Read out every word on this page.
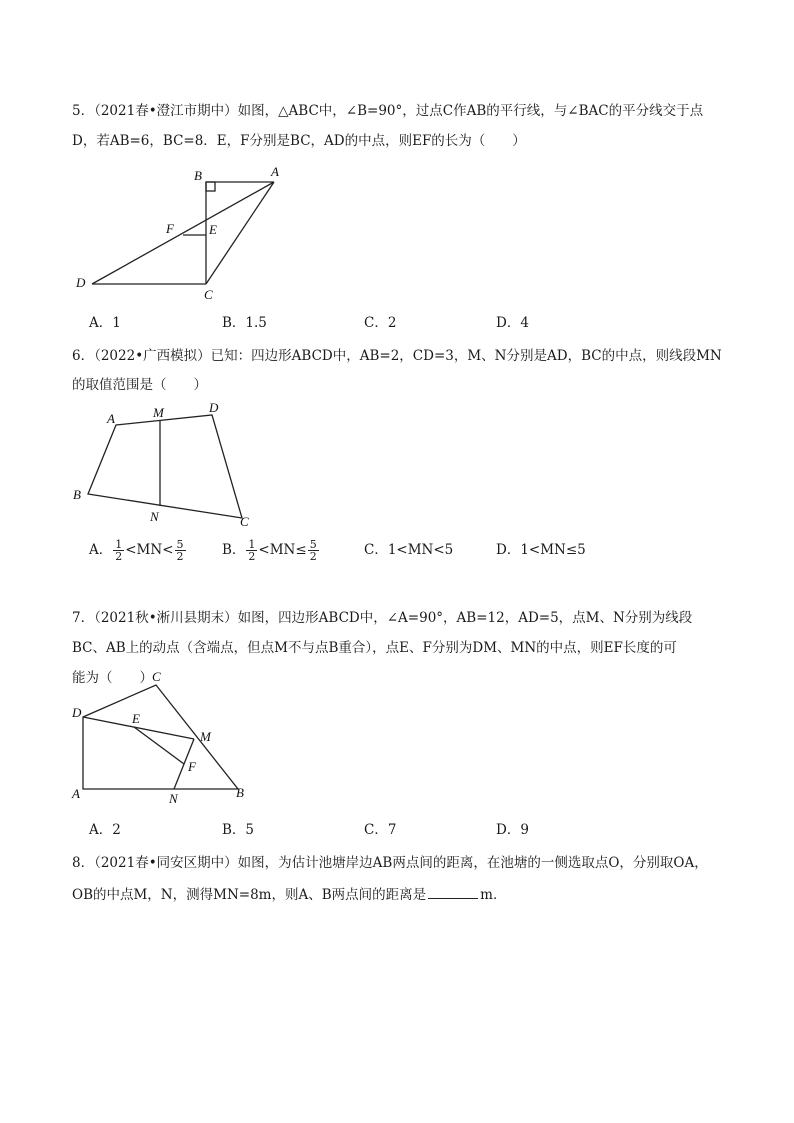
5．（2021春•澄江市期中）如图，△ABC中，∠B=90°，过点C作AB的平行线，与∠BAC的平分线交于点
D，若AB=6，BC=8．E，F分别是BC，AD的中点，则EF的长为（　　）
B	A
F	E
D
C
A．1	B．1.5	C．2	D．4
6．（2022•广西模拟）已知：四边形ABCD中，AB=2，CD=3，M、N分别是AD，BC的中点，则线段MN
的取值范围是（　　）
A	M	D
B
N	C
A． $\frac{1}{2} <MN< \frac{5}{2}$	B． $\frac{1}{2} <MN\le \frac{5}{2}$	C．1<MN<5	D．1<MN≤5
7．（2021秋•淅川县期末）如图，四边形ABCD中，∠A=90°，AB=12，AD=5，点M、N分别为线段
BC、AB上的动点（含端点，但点M不与点B重合），点E、F分别为DM、MN的中点，则EF长度的可
能为（　　）
D
C
E
M
F
A	N	B
A．2	B．5	C．7	D．9
8．（2021春•同安区期中）如图，为估计池塘岸边AB两点间的距离，在池塘的一侧选取点O，分别取OA，
OB的中点M，N，测得MN=8m，则A、B两点间的距离是	m．
